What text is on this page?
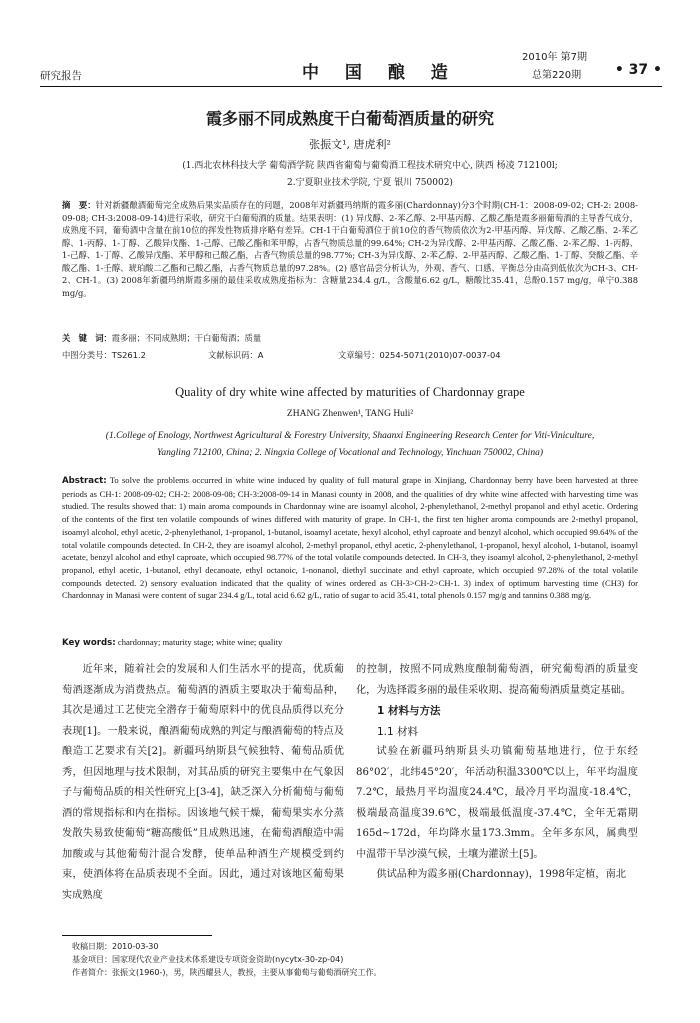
研究报告	中 国 酿 造
2010年 第7期
总第220期 • 37 •
霞多丽不同成熟度干白葡萄酒质量的研究
张振文¹, 唐虎利²
(1.西北农林科技大学 葡萄酒学院 陕西省葡萄与葡萄酒工程技术研究中心, 陕西 杨凌 712100l;
2.宁夏职业技术学院, 宁夏 银川 750002)
摘　要：针对新疆酿酒葡萄完全成熟后果实品质存在的问题，2008年对新疆玛纳斯的霞多丽(Chardonnay)分3个时期(CH-1：2008-09-02; CH-2: 2008-09-08; CH-3:2008-09-14)进行采收，研究干白葡萄酒的质量。结果表明：(1) 异戊醇、2-苯乙醇、2-甲基丙醇、乙酸乙酯是霞多丽葡萄酒的主导香气成分，成熟度不同，葡萄酒中含量在前10位的挥发性物质排序略有差异。CH-1干白葡萄酒位于前10位的香气物质依次为2-甲基丙醇、异戊醇、乙酸乙酯、2-苯乙醇、1-丙醇、1-丁醇、乙酸异戊酯、1-己醇、己酸乙酯和苯甲醇，占香气物质总量的99.64%; CH-2为异戊醇、2-甲基丙醇、乙酸乙酯、2-苯乙醇、1-丙醇、1-己醇、1-丁醇、乙酸异戊酯、苯甲醇和己酸乙酯，占香气物质总量的98.77%; CH-3为异戊醇、2-苯乙醇、2-甲基丙醇、乙酸乙酯、1-丁醇、癸酸乙酯、辛酸乙酯、1-壬醇、琥珀酸二乙酯和己酸乙酯，占香气物质总量的97.28%。(2) 感官品尝分析认为，外观、香气、口感、平衡总分由高到低依次为CH-3、CH-2、CH-1。(3) 2008年新疆玛纳斯霞多丽的最佳采收成熟度指标为：含糖量234.4 g/L，含酸量6.62 g/L，糖酸比35.41，总酚0.157 mg/g，单宁0.388 mg/g。
关　键　词：霞多丽；不同成熟期；干白葡萄酒；质量
中图分类号：TS261.2	文献标识码：A	文章编号：0254-5071(2010)07-0037-04
Quality of dry white wine affected by maturities of Chardonnay grape
ZHANG Zhenwen¹, TANG Huli²
(1.College of Enology, Northwest Agricultural & Forestry University, Shaanxi Engineering Research Center for Viti-Viniculture,
Yangling 712100, China; 2. Ningxia College of Vocational and Technology, Yinchuan 750002, China)
Abstract: To solve the problems occurred in white wine induced by quality of full matural grape in Xinjiang, Chardonnay berry have been harvested at three periods as CH-1: 2008-09-02; CH-2: 2008-09-08; CH-3:2008-09-14 in Manasi county in 2008, and the qualities of dry white wine affected with harvesting time was studied. The results showed that: 1) main aroma compounds in Chardonnay wine are isoamyl alcohol, 2-phenylethanol, 2-methyl propanol and ethyl acetic. Ordering of the contents of the first ten volatile compounds of wines differed with maturity of grape. In CH-1, the first ten higher aroma compounds are 2-methyl propanol, isoamyl alcohol, ethyl acetic, 2-phenylethanol, 1-propanol, 1-butanol, isoamyl acetate, hexyl alcohol, ethyl caproate and benzyl alcohol, which occupied 99.64% of the total volatile compounds detected. In CH-2, they are isoamyl alcohol, 2-methyl propanol, ethyl acetic, 2-phenylethanol, 1-propanol, hexyl alcohol, 1-butanol, isoamyl acetate, benzyl alcohol and ethyl caproate, which occupied 98.77% of the total volatile compounds detected. In CH-3, they isoamyl alcohol, 2-phenylethanol, 2-methyl propanol, ethyl acetic, 1-butanol, ethyl decanoate, ethyl octanoic, 1-nonanol, diethyl succinate and ethyl caproate, which occupied 97.28% of the total volatile compounds detected. 2) sensory evaluation indicated that the quality of wines ordered as CH-3>CH-2>CH-1. 3) index of optimum harvesting time (CH3) for Chardonnay in Manasi were content of sugar 234.4 g/L, total acid 6.62 g/L, ratio of sugar to acid 35.41, total phenols 0.157 mg/g and tannins 0.388 mg/g.
Key words: chardonnay; maturity stage; white wine; quality

近年来，随着社会的发展和人们生活水平的提高，优质葡萄酒逐渐成为消费热点。葡萄酒的酒质主要取决于葡萄品种，其次是通过工艺使完全潜存于葡萄原料中的优良品质得以充分表现[1]。一般来说，酿酒葡萄成熟的判定与酿酒葡萄的特点及酿造工艺要求有关[2]。新疆玛纳斯县气候独特、葡萄品质优秀，但因地理与技术限制，对其品质的研究主要集中在气象因子与葡萄品质的相关性研究上[3-4]，缺乏深入分析葡萄与葡萄酒的常规指标和内在指标。因该地气候干燥，葡萄果实水分蒸发散失易致使葡萄“糖高酸低”且成熟迅速，在葡萄酒酿造中需加酸或与其他葡萄汁混合发酵，使单品种酒生产规模受到约束，使酒体将在品质表现不全面。因此，通过对该地区葡萄果实成熟度

的控制，按照不同成熟度酿制葡萄酒，研究葡萄酒的质量变化，为选择霞多丽的最佳采收期、提高葡萄酒质量奠定基础。

1 材料与方法

1.1 材料

试验在新疆玛纳斯县头功镇葡萄基地进行，位于东经86°02′，北纬45°20′，年活动积温3300℃以上，年平均温度7.2℃，最热月平均温度24.4℃，最冷月平均温度-18.4℃，极端最高温度39.6℃，极端最低温度-37.4℃，全年无霜期165d~172d，年均降水量173.3mm。全年多东风，属典型中温带干旱沙漠气候，土壤为灌淤土[5]。

供试品种为霞多丽(Chardonnay)，1998年定植，南北

收稿日期：2010-03-30
基金项目：国家现代农业产业技术体系建设专项资金资助(nycytx-30-zp-04)
作者简介：张振文(1960-)，男，陕西耀县人，教授，主要从事葡萄与葡萄酒研究工作。
